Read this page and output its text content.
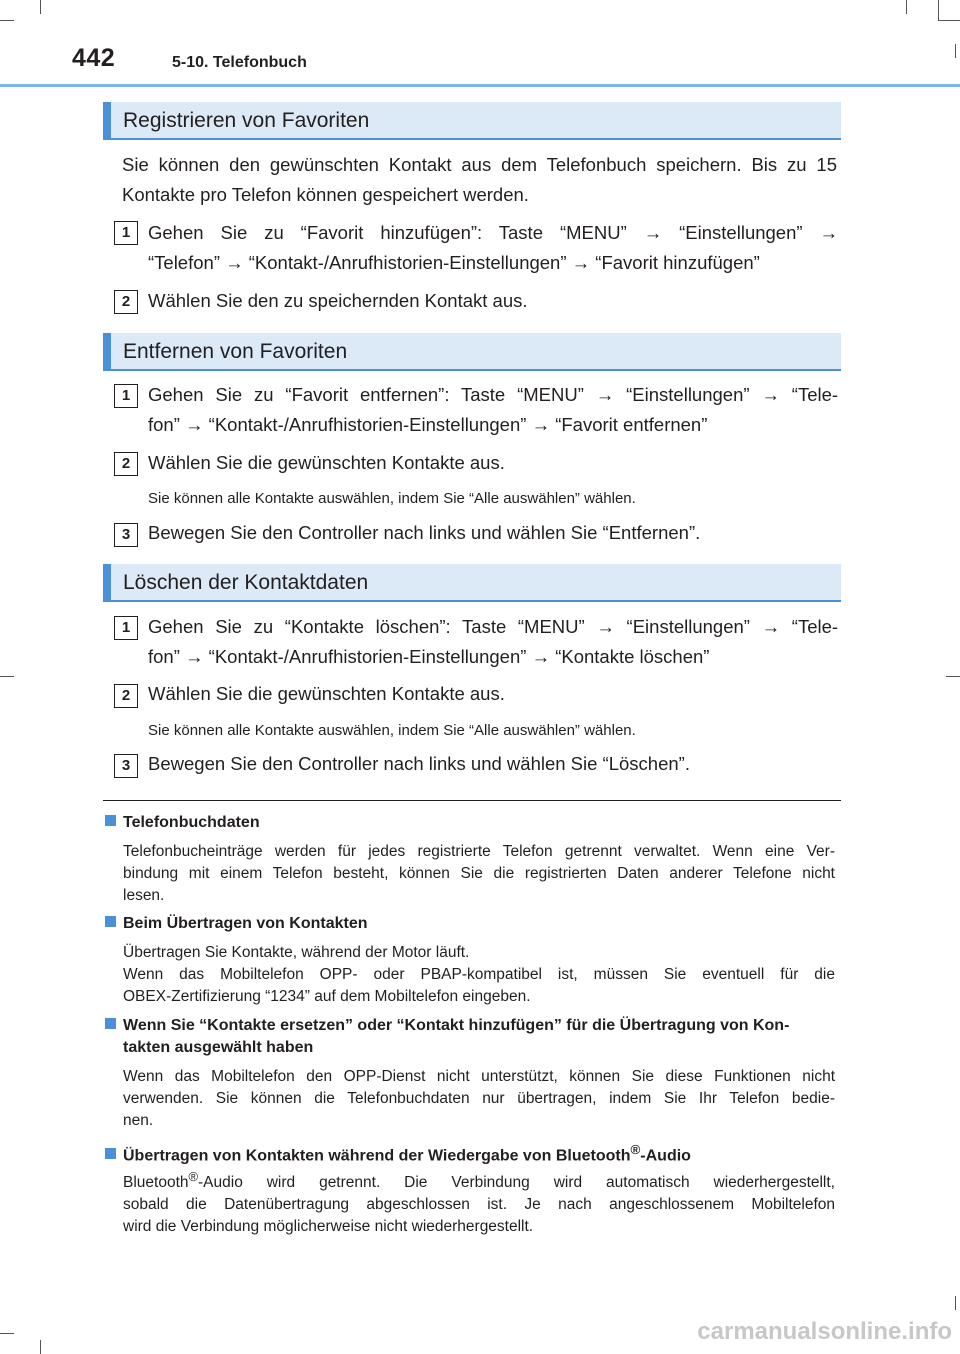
442	5-10. Telefonbuch
Registrieren von Favoriten
Sie können den gewünschten Kontakt aus dem Telefonbuch speichern. Bis zu 15
Kontakte pro Telefon können gespeichert werden.
1 Gehen Sie zu “Favorit hinzufügen”: Taste “MENU” → “Einstellungen” →
“Telefon” → “Kontakt-/Anrufhistorien-Einstellungen” → “Favorit hinzufügen”
2 Wählen Sie den zu speichernden Kontakt aus.
Entfernen von Favoriten
1 Gehen Sie zu “Favorit entfernen”: Taste “MENU” → “Einstellungen” → “Tele-
fon” → “Kontakt-/Anrufhistorien-Einstellungen” → “Favorit entfernen”
2 Wählen Sie die gewünschten Kontakte aus.
Sie können alle Kontakte auswählen, indem Sie “Alle auswählen” wählen.
3 Bewegen Sie den Controller nach links und wählen Sie “Entfernen”.
Löschen der Kontaktdaten
1 Gehen Sie zu “Kontakte löschen”: Taste “MENU” → “Einstellungen” → “Tele-
fon” → “Kontakt-/Anrufhistorien-Einstellungen” → “Kontakte löschen”
2 Wählen Sie die gewünschten Kontakte aus.
Sie können alle Kontakte auswählen, indem Sie “Alle auswählen” wählen.
3 Bewegen Sie den Controller nach links und wählen Sie “Löschen”.
Telefonbuchdaten
Telefonbucheinträge werden für jedes registrierte Telefon getrennt verwaltet. Wenn eine Ver-
bindung mit einem Telefon besteht, können Sie die registrierten Daten anderer Telefone nicht
lesen.
Beim Übertragen von Kontakten
Übertragen Sie Kontakte, während der Motor läuft.
Wenn das Mobiltelefon OPP- oder PBAP-kompatibel ist, müssen Sie eventuell für die
OBEX-Zertifizierung “1234” auf dem Mobiltelefon eingeben.
Wenn Sie “Kontakte ersetzen” oder “Kontakt hinzufügen” für die Übertragung von Kon-
takten ausgewählt haben
Wenn das Mobiltelefon den OPP-Dienst nicht unterstützt, können Sie diese Funktionen nicht
verwenden. Sie können die Telefonbuchdaten nur übertragen, indem Sie Ihr Telefon bedie-
nen.
Übertragen von Kontakten während der Wiedergabe von Bluetooth®-Audio
Bluetooth®-Audio wird getrennt. Die Verbindung wird automatisch wiederhergestellt,
sobald die Datenübertragung abgeschlossen ist. Je nach angeschlossenem Mobiltelefon
wird die Verbindung möglicherweise nicht wiederhergestellt.
carmanualsonline.info
